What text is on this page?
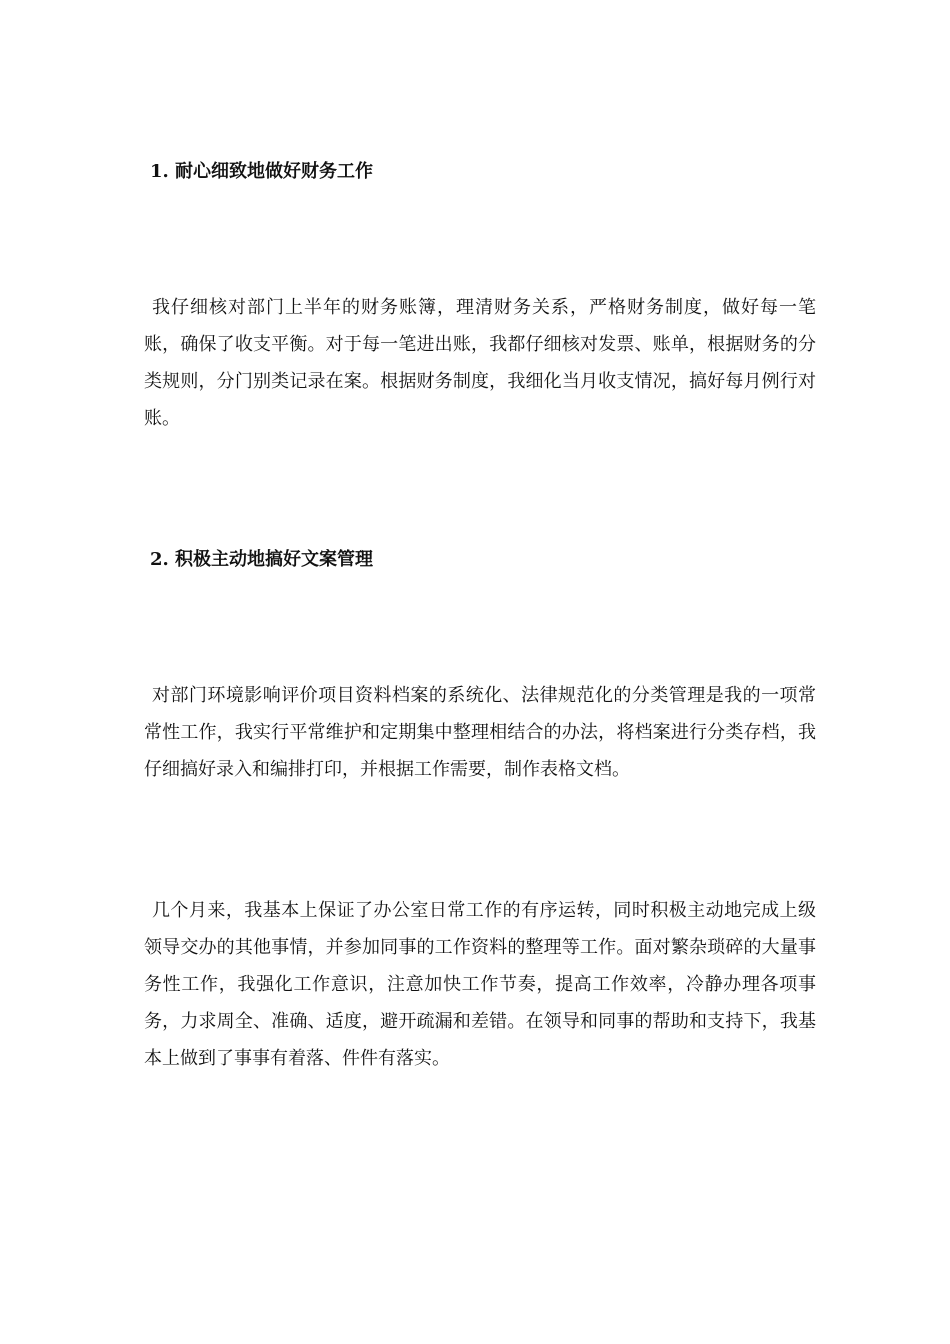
1. 耐心细致地做好财务工作

我仔细核对部门上半年的财务账簿，理清财务关系，严格财务制度，做好每一笔账，确保了收支平衡。对于每一笔进出账，我都仔细核对发票、账单，根据财务的分类规则，分门别类记录在案。根据财务制度，我细化当月收支情况，搞好每月例行对账。

2. 积极主动地搞好文案管理

对部门环境影响评价项目资料档案的系统化、法律规范化的分类管理是我的一项常常性工作，我实行平常维护和定期集中整理相结合的办法，将档案进行分类存档，我仔细搞好录入和编排打印，并根据工作需要，制作表格文档。

几个月来，我基本上保证了办公室日常工作的有序运转，同时积极主动地完成上级领导交办的其他事情，并参加同事的工作资料的整理等工作。面对繁杂琐碎的大量事务性工作，我强化工作意识，注意加快工作节奏，提高工作效率，冷静办理各项事务，力求周全、准确、适度，避开疏漏和差错。在领导和同事的帮助和支持下，我基本上做到了事事有着落、件件有落实。
